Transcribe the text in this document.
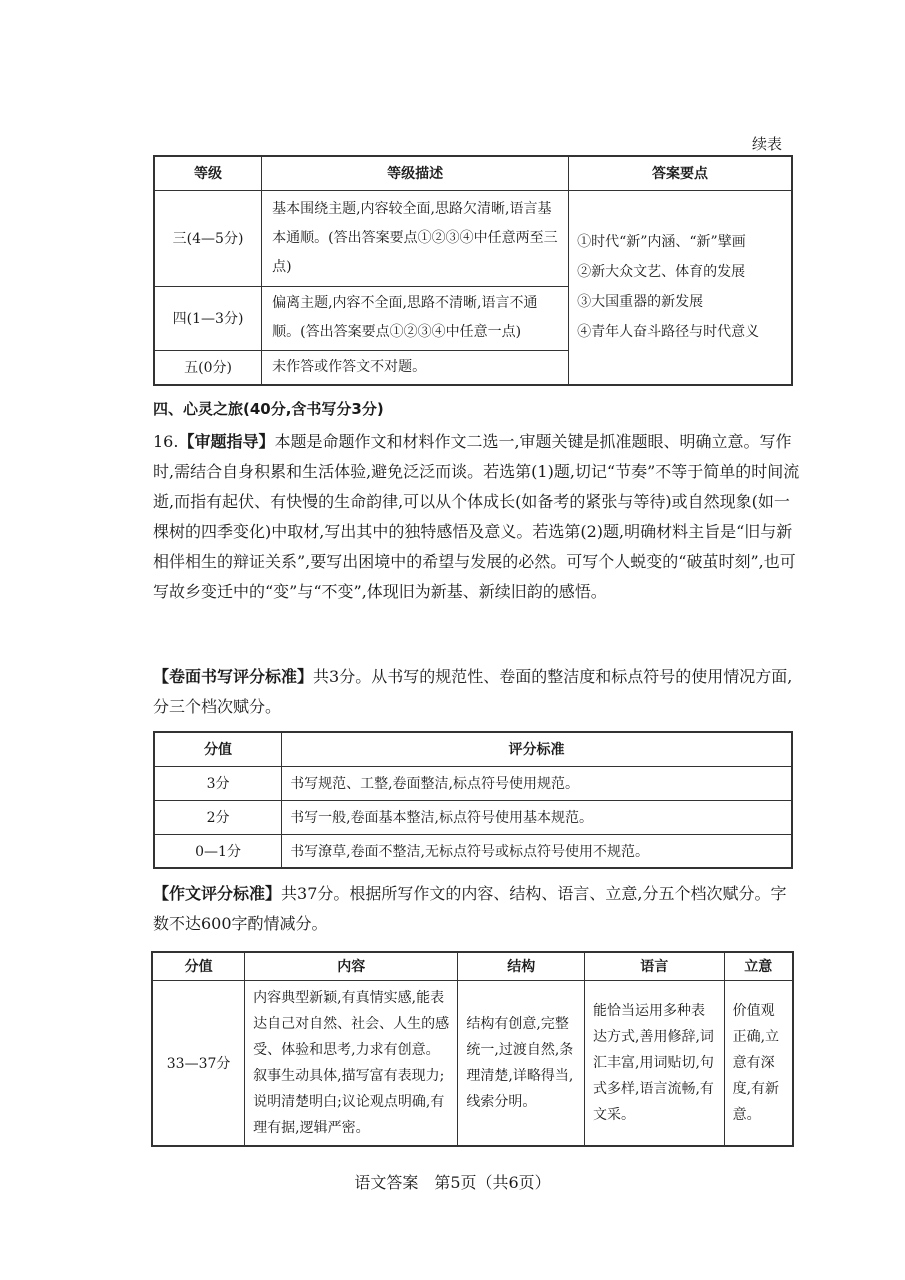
续表
等级	等级描述	答案要点
三(4—5分)	基本围绕主题,内容较全面,思路欠清晰,语言基本通顺。(答出答案要点①②③④中任意两至三点)	①时代“新”内涵、“新”擘画
②新大众文艺、体育的发展
③大国重器的新发展
④青年人奋斗路径与时代意义

四(1—3分)	偏离主题,内容不全面,思路不清晰,语言不通顺。(答出答案要点①②③④中任意一点)	
五(0分)	未作答或作答文不对题。	
四、心灵之旅(40分,含书写分3分)
16.【审题指导】本题是命题作文和材料作文二选一,审题关键是抓准题眼、明确立意。写作时,需结合自身积累和生活体验,避免泛泛而谈。若选第(1)题,切记“节奏”不等于简单的时间流逝,而指有起伏、有快慢的生命韵律,可以从个体成长(如备考的紧张与等待)或自然现象(如一棵树的四季变化)中取材,写出其中的独特感悟及意义。若选第(2)题,明确材料主旨是“旧与新相伴相生的辩证关系”,要写出困境中的希望与发展的必然。可写个人蜕变的“破茧时刻”,也可写故乡变迁中的“变”与“不变”,体现旧为新基、新续旧韵的感悟。
【卷面书写评分标准】共3分。从书写的规范性、卷面的整洁度和标点符号的使用情况方面,分三个档次赋分。
分值	评分标准
3分	书写规范、工整,卷面整洁,标点符号使用规范。
2分	书写一般,卷面基本整洁,标点符号使用基本规范。
0—1分	书写潦草,卷面不整洁,无标点符号或标点符号使用不规范。
【作文评分标准】共37分。根据所写作文的内容、结构、语言、立意,分五个档次赋分。字数不达600字酌情减分。
分值	内容	结构	语言	立意
33—37分	内容典型新颖,有真情实感,能表达自己对自然、社会、人生的感受、体验和思考,力求有创意。叙事生动具体,描写富有表现力;说明清楚明白;议论观点明确,有理有据,逻辑严密。	结构有创意,完整统一,过渡自然,条理清楚,详略得当,线索分明。	能恰当运用多种表达方式,善用修辞,词汇丰富,用词贴切,句式多样,语言流畅,有文采。	价值观正确,立意有深度,有新意。
语文答案　第5页（共6页）
